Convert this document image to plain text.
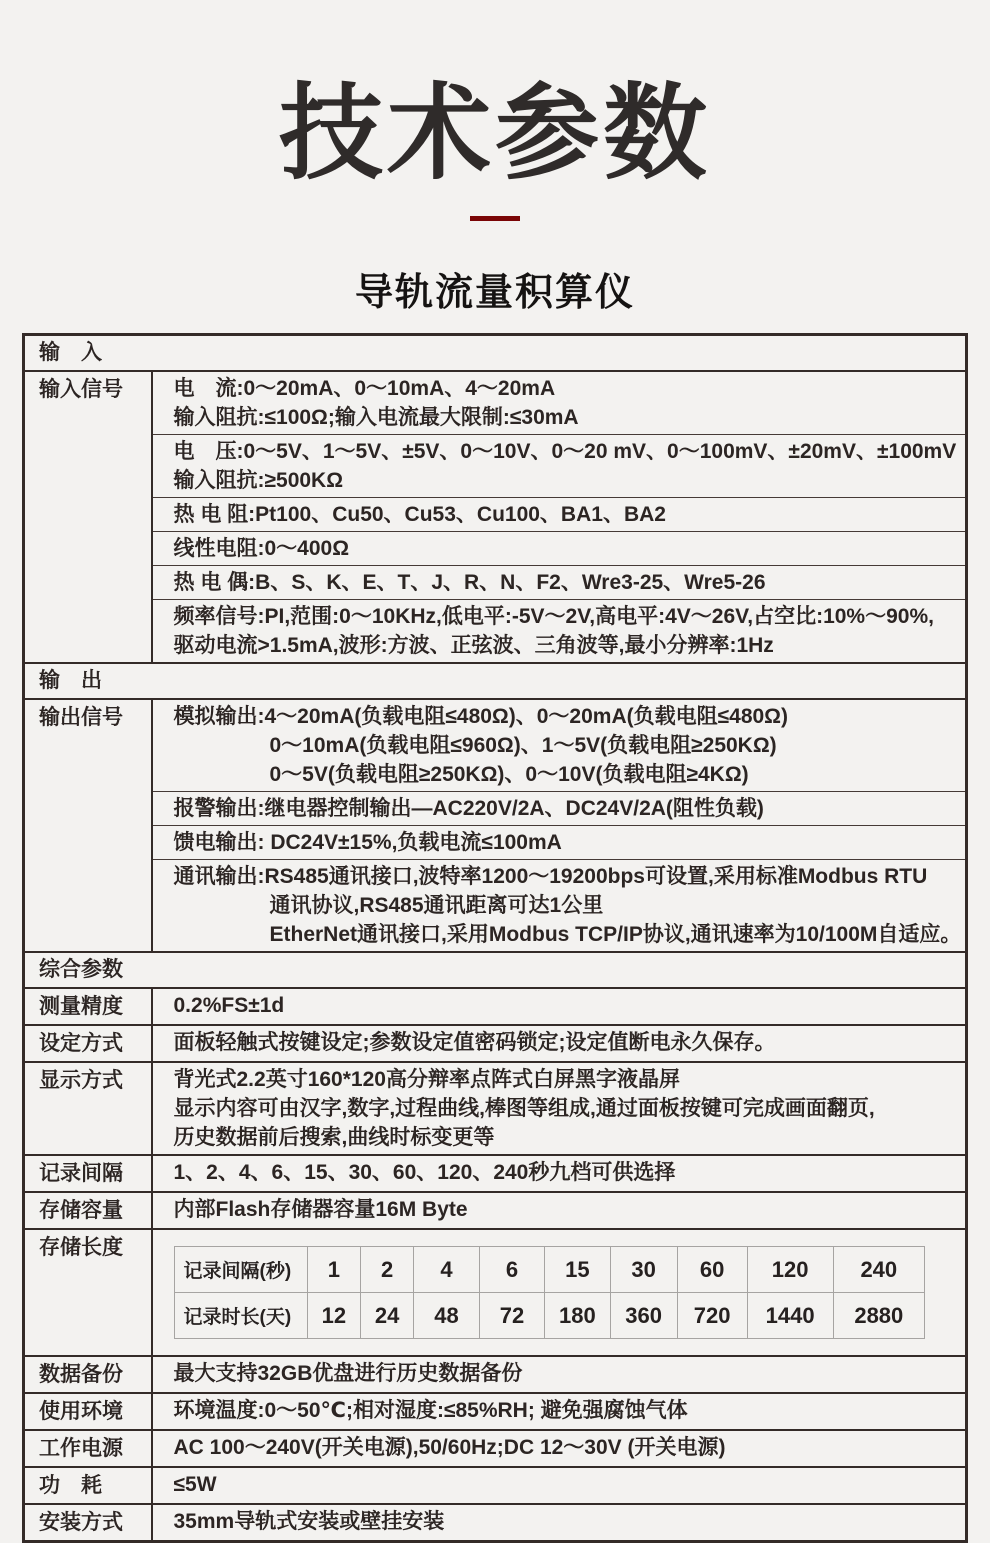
技术参数
导轨流量积算仪
输　入
输入信号	电　流:0～20mA、0～10mA、4～20mA
输入阻抗:≤100Ω;输入电流最大限制:≤30mA

电　压:0～5V、1～5V、±5V、0～10V、0～20 mV、0～100mV、±20mV、±100mV
输入阻抗:≥500KΩ

热 电 阻:Pt100、Cu50、Cu53、Cu100、BA1、BA2

线性电阻:0～400Ω

热 电 偶:B、S、K、E、T、J、R、N、F2、Wre3-25、Wre5-26

频率信号:PI,范围:0～10KHz,低电平:-5V～2V,高电平:4V～26V,占空比:10%～90%,
驱动电流>1.5mA,波形:方波、正弦波、三角波等,最小分辨率:1Hz

输　出
输出信号	模拟输出:4～20mA(负载电阻≤480Ω)、0～20mA(负载电阻≤480Ω)
0～10mA(负载电阻≤960Ω)、1～5V(负载电阻≥250KΩ)
0～5V(负载电阻≥250KΩ)、0～10V(负载电阻≥4KΩ)

报警输出:继电器控制输出—AC220V/2A、DC24V/2A(阻性负载)

馈电输出: DC24V±15%,负载电流≤100mA

通讯输出:RS485通讯接口,波特率1200～19200bps可设置,采用标准Modbus RTU
通讯协议,RS485通讯距离可达1公里
EtherNet通讯接口,采用Modbus TCP/IP协议,通讯速率为10/100M自适应。

综合参数
测量精度	0.2%FS±1d

设定方式	面板轻触式按键设定;参数设定值密码锁定;设定值断电永久保存。

显示方式	背光式2.2英寸160*120高分辩率点阵式白屏黑字液晶屏
显示内容可由汉字,数字,过程曲线,棒图等组成,通过面板按键可完成画面翻页,
历史数据前后搜索,曲线时标变更等

记录间隔	1、2、4、6、15、30、60、120、240秒九档可供选择

存储容量	内部Flash存储器容量16M Byte

存储长度	
记录间隔(秒)	1	2	4	6	15	30	60	120	240
记录时长(天)	12	24	48	72	180	360	720	1440	2880

数据备份	最大支持32GB优盘进行历史数据备份

使用环境	环境温度:0～50℃;相对湿度:≤85%RH; 避免强腐蚀气体

工作电源	AC 100～240V(开关电源),50/60Hz;DC 12～30V (开关电源)

功　耗	≤5W

安装方式	35mm导轨式安装或壁挂安装
